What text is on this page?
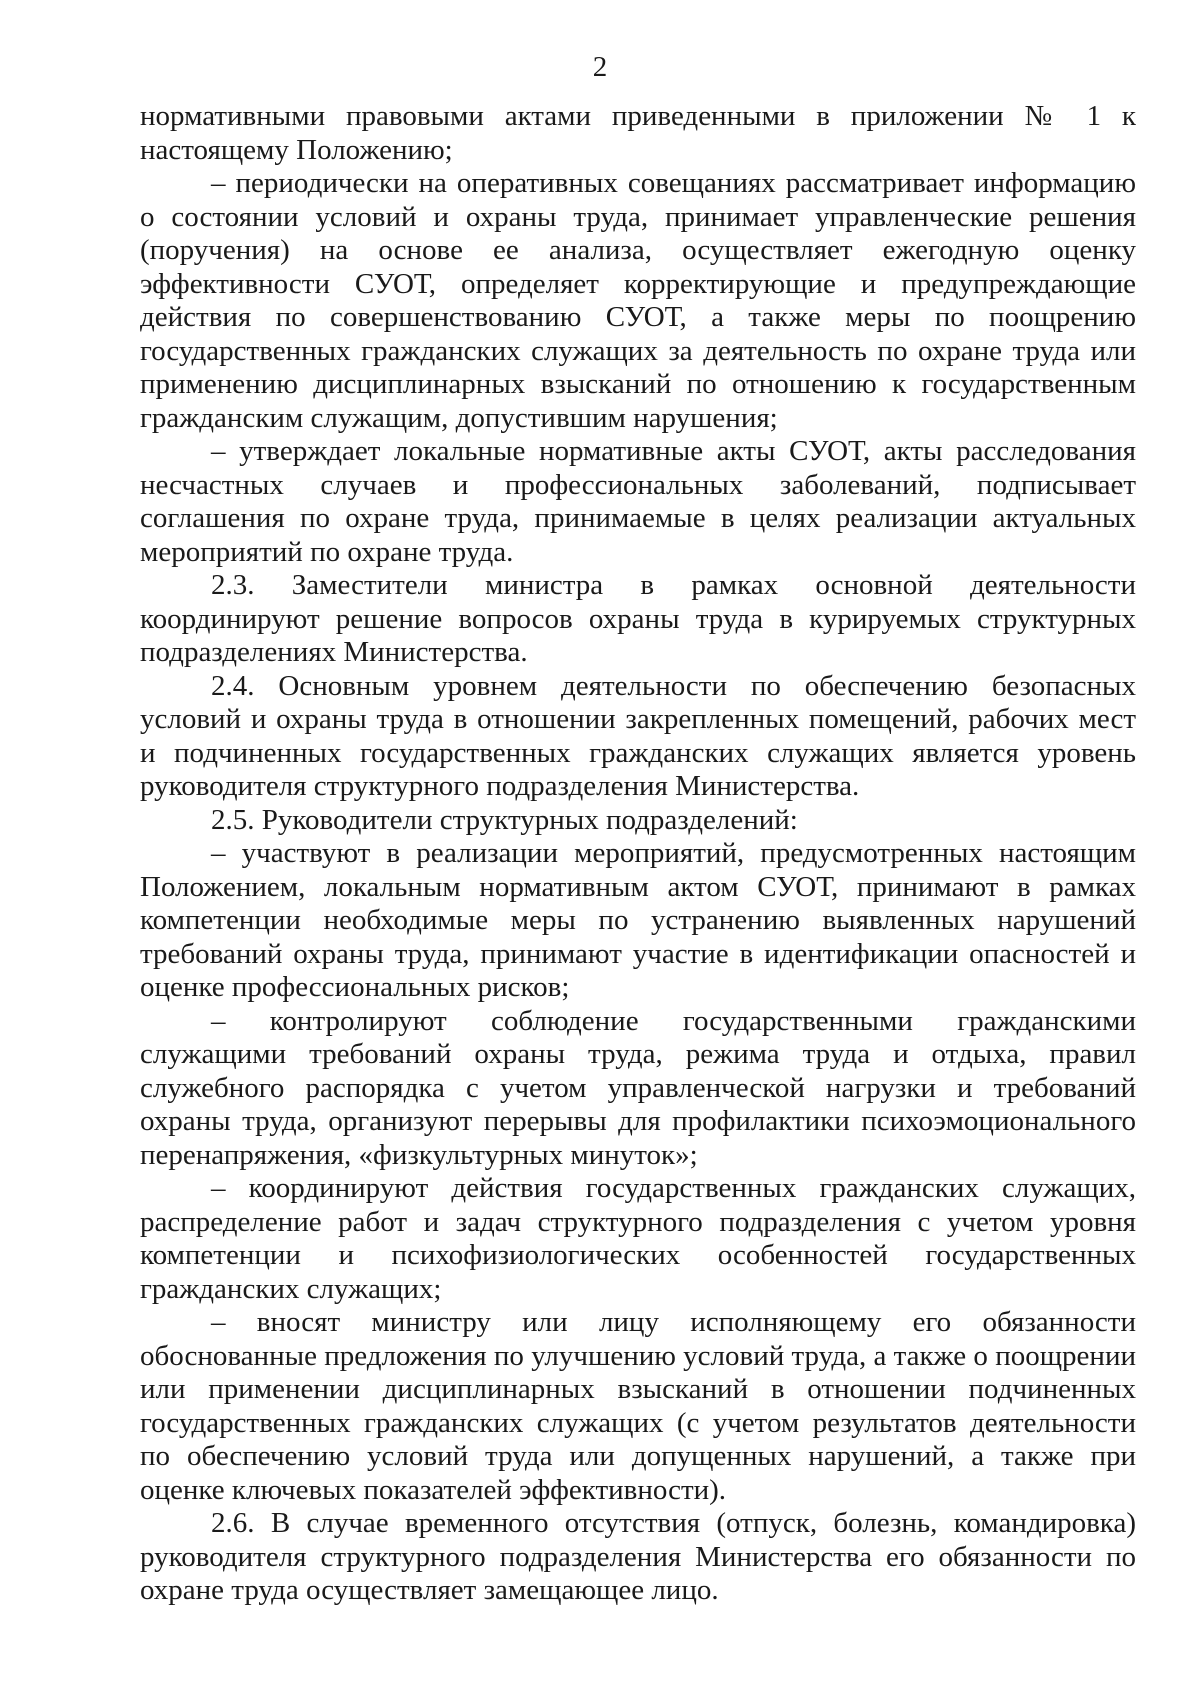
2

нормативными правовыми актами приведенными в приложении № 1 к настоящему Положению;

– периодически на оперативных совещаниях рассматривает информацию о состоянии условий и охраны труда, принимает управленческие решения (поручения) на основе ее анализа, осуществляет ежегодную оценку эффективности СУОТ, определяет корректирующие и предупреждающие действия по совершенствованию СУОТ, а также меры по поощрению государственных гражданских служащих за деятельность по охране труда или применению дисциплинарных взысканий по отношению к государственным гражданским служащим, допустившим нарушения;

– утверждает локальные нормативные акты СУОТ, акты расследования несчастных случаев и профессиональных заболеваний, подписывает соглашения по охране труда, принимаемые в целях реализации актуальных мероприятий по охране труда.

2.3. Заместители министра в рамках основной деятельности координируют решение вопросов охраны труда в курируемых структурных подразделениях Министерства.

2.4. Основным уровнем деятельности по обеспечению безопасных условий и охраны труда в отношении закрепленных помещений, рабочих мест и подчиненных государственных гражданских служащих является уровень руководителя структурного подразделения Министерства.

2.5. Руководители структурных подразделений:

– участвуют в реализации мероприятий, предусмотренных настоящим Положением, локальным нормативным актом СУОТ, принимают в рамках компетенции необходимые меры по устранению выявленных нарушений требований охраны труда, принимают участие в идентификации опасностей и оценке профессиональных рисков;

– контролируют соблюдение государственными гражданскими служащими требований охраны труда, режима труда и отдыха, правил служебного распорядка с учетом управленческой нагрузки и требований охраны труда, организуют перерывы для профилактики психоэмоционального перенапряжения, «физкультурных минуток»;

– координируют действия государственных гражданских служащих, распределение работ и задач структурного подразделения с учетом уровня компетенции и психофизиологических особенностей государственных гражданских служащих;

– вносят министру или лицу исполняющему его обязанности обоснованные предложения по улучшению условий труда, а также о поощрении или применении дисциплинарных взысканий в отношении подчиненных государственных гражданских служащих (с учетом результатов деятельности по обеспечению условий труда или допущенных нарушений, а также при оценке ключевых показателей эффективности).

2.6. В случае временного отсутствия (отпуск, болезнь, командировка) руководителя структурного подразделения Министерства его обязанности по охране труда осуществляет замещающее лицо.
